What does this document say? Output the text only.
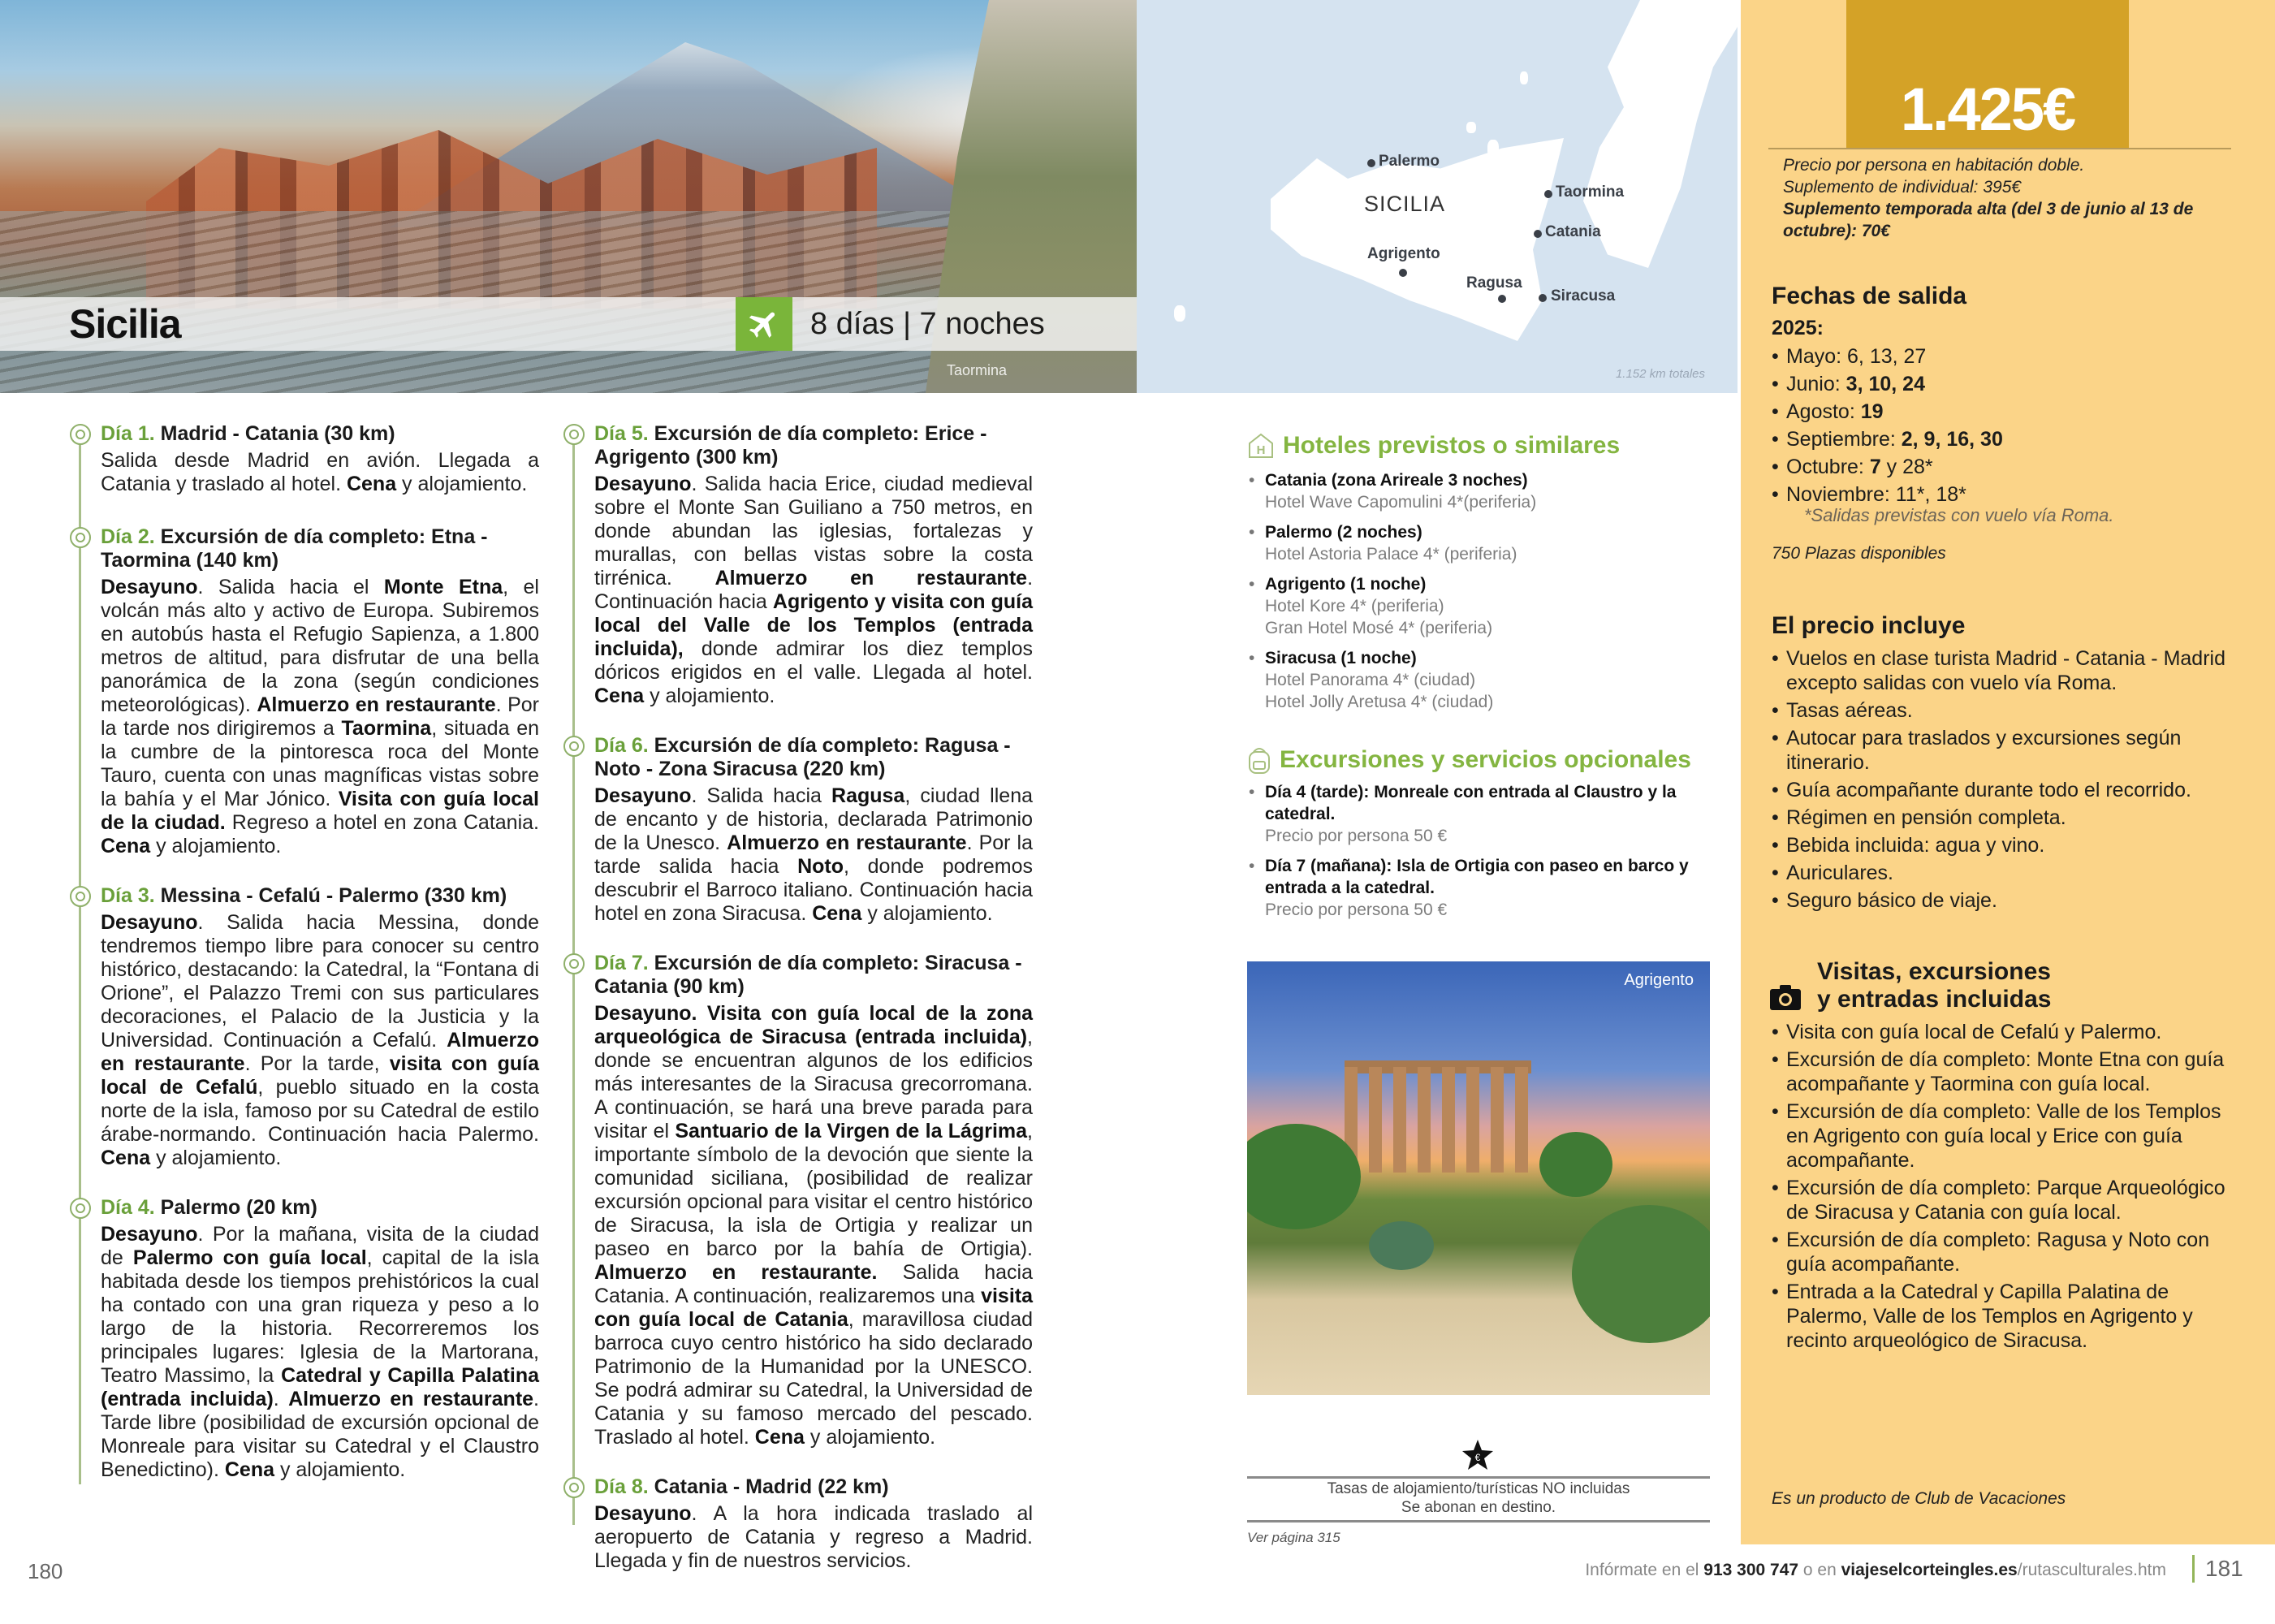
Sicilia	8 días | 7 noches
Taormina
Palermo
SICILIA	Taormina
Catania
Agrigento
Ragusa
Siracusa
1.152 km totales
Día 1. Madrid - Catania (30 km)
Salida desde Madrid en avión. Llegada a Catania y traslado al hotel. Cena y alojamiento.
Día 2. Excursión de día completo: Etna - Taormina (140 km)
Desayuno. Salida hacia el Monte Etna, el volcán más alto y activo de Europa. Subiremos en autobús hasta el Refugio Sapienza, a 1.800 metros de altitud, para disfrutar de una bella panorámica de la zona (según condiciones meteorológicas). Almuerzo en restaurante. Por la tarde nos dirigiremos a Taormina, situada en la cumbre de la pintoresca roca del Monte Tauro, cuenta con unas magníficas vistas sobre la bahía y el Mar Jónico. Visita con guía local de la ciudad. Regreso a hotel en zona Catania. Cena y alojamiento.
Día 3. Messina - Cefalú - Palermo (330 km)
Desayuno. Salida hacia Messina, donde tendremos tiempo libre para conocer su centro histórico, destacando: la Catedral, la “Fontana di Orione”, el Palazzo Tremi con sus particulares decoraciones, el Palacio de la Justicia y la Universidad. Continuación a Cefalú. Almuerzo en restaurante. Por la tarde, visita con guía local de Cefalú, pueblo situado en la costa norte de la isla, famoso por su Catedral de estilo árabe-normando. Continuación hacia Palermo. Cena y alojamiento.
Día 4. Palermo (20 km)
Desayuno. Por la mañana, visita de la ciudad de Palermo con guía local, capital de la isla habitada desde los tiempos prehistóricos la cual ha contado con una gran riqueza y peso a lo largo de la historia. Recorreremos los principales lugares: Iglesia de la Martorana, Teatro Massimo, la Catedral y Capilla Palatina (entrada incluida). Almuerzo en restaurante. Tarde libre (posibilidad de excursión opcional de Monreale para visitar su Catedral y el Claustro Benedictino). Cena y alojamiento.
Día 5. Excursión de día completo: Erice - Agrigento (300 km)
Desayuno. Salida hacia Erice, ciudad medieval sobre el Monte San Guiliano a 750 metros, en donde abundan las iglesias, fortalezas y murallas, con bellas vistas sobre la costa tirrénica. Almuerzo en restaurante. Continuación hacia Agrigento y visita con guía local del Valle de los Templos (entrada incluida), donde admirar los diez templos dóricos erigidos en el valle. Llegada al hotel. Cena y alojamiento.
Día 6. Excursión de día completo: Ragusa - Noto - Zona Siracusa (220 km)
Desayuno. Salida hacia Ragusa, ciudad llena de encanto y de historia, declarada Patrimonio de la Unesco. Almuerzo en restaurante. Por la tarde salida hacia Noto, donde podremos descubrir el Barroco italiano. Continuación hacia hotel en zona Siracusa. Cena y alojamiento.
Día 7. Excursión de día completo: Siracusa - Catania (90 km)
Desayuno. Visita con guía local de la zona arqueológica de Siracusa (entrada incluida), donde se encuentran algunos de los edificios más interesantes de la Siracusa grecorromana. A continuación, se hará una breve parada para visitar el Santuario de la Virgen de la Lágrima, importante símbolo de la devoción que siente la comunidad siciliana, (posibilidad de realizar excursión opcional para visitar el centro histórico de Siracusa, la isla de Ortigia y realizar un paseo en barco por la bahía de Ortigia). Almuerzo en restaurante. Salida hacia Catania. A continuación, realizaremos una visita con guía local de Catania, maravillosa ciudad barroca cuyo centro histórico ha sido declarado Patrimonio de la Humanidad por la UNESCO. Se podrá admirar su Catedral, la Universidad de Catania y su famoso mercado del pescado. Traslado al hotel. Cena y alojamiento.
Día 8. Catania - Madrid (22 km)
Desayuno. A la hora indicada traslado al aeropuerto de Catania y regreso a Madrid. Llegada y fin de nuestros servicios.
H Hoteles previstos o similares
• Catania (zona Arireale 3 noches)
Hotel Wave Capomulini 4*(periferia)
• Palermo (2 noches)
Hotel Astoria Palace 4* (periferia)
• Agrigento (1 noche)
Hotel Kore 4* (periferia)
Gran Hotel Mosé 4* (periferia)
• Siracusa (1 noche)
Hotel Panorama 4* (ciudad)
Hotel Jolly Aretusa 4* (ciudad)
Excursiones y servicios opcionales
• Día 4 (tarde): Monreale con entrada al Claustro y la catedral.
Precio por persona 50 €
• Día 7 (mañana): Isla de Ortigia con paseo en barco y entrada a la catedral.
Precio por persona 50 €
Agrigento
€
Tasas de alojamiento/turísticas NO incluidas
Se abonan en destino.
Ver página 315
1.425€
Precio por persona en habitación doble.
Suplemento de individual: 395€
Suplemento temporada alta (del 3 de junio al 13 de octubre): 70€
Fechas de salida
2025:
• Mayo: 6, 13, 27
• Junio: 3, 10, 24
• Agosto: 19
• Septiembre: 2, 9, 16, 30
• Octubre: 7 y 28*
• Noviembre: 11*, 18*
*Salidas previstas con vuelo vía Roma.
750 Plazas disponibles
El precio incluye
• Vuelos en clase turista Madrid - Catania - Madrid excepto salidas con vuelo vía Roma.
• Tasas aéreas.
• Autocar para traslados y excursiones según itinerario.
• Guía acompañante durante todo el recorrido.
• Régimen en pensión completa.
• Bebida incluida: agua y vino.
• Auriculares.
• Seguro básico de viaje.
Visitas, excursiones
y entradas incluidas
• Visita con guía local de Cefalú y Palermo.
• Excursión de día completo: Monte Etna con guía acompañante y Taormina con guía local.
• Excursión de día completo: Valle de los Templos en Agrigento con guía local y Erice con guía acompañante.
• Excursión de día completo: Parque Arqueológico de Siracusa y Catania con guía local.
• Excursión de día completo: Ragusa y Noto con guía acompañante.
• Entrada a la Catedral y Capilla Palatina de Palermo, Valle de los Templos en Agrigento y recinto arqueológico de Siracusa.
Es un producto de Club de Vacaciones
180	Infórmate en el 913 300 747 o en viajeselcorteingles.es/rutasculturales.htm 181
